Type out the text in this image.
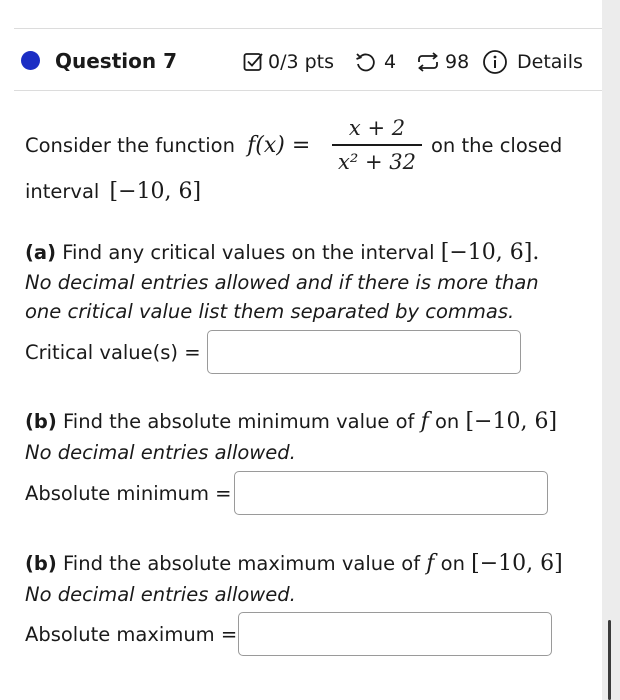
Question 7	0/3 pts	4	98	Details
Consider the function f(x) =
x + 2
x² + 32
on the closed
interval [−10, 6]
(a) Find any critical values on the interval [−10, 6].
No decimal entries allowed and if there is more than
one critical value list them separated by commas.
Critical value(s) =
(b) Find the absolute minimum value of f on [−10, 6]
No decimal entries allowed.
Absolute minimum =
(b) Find the absolute maximum value of f on [−10, 6]
No decimal entries allowed.
Absolute maximum =
